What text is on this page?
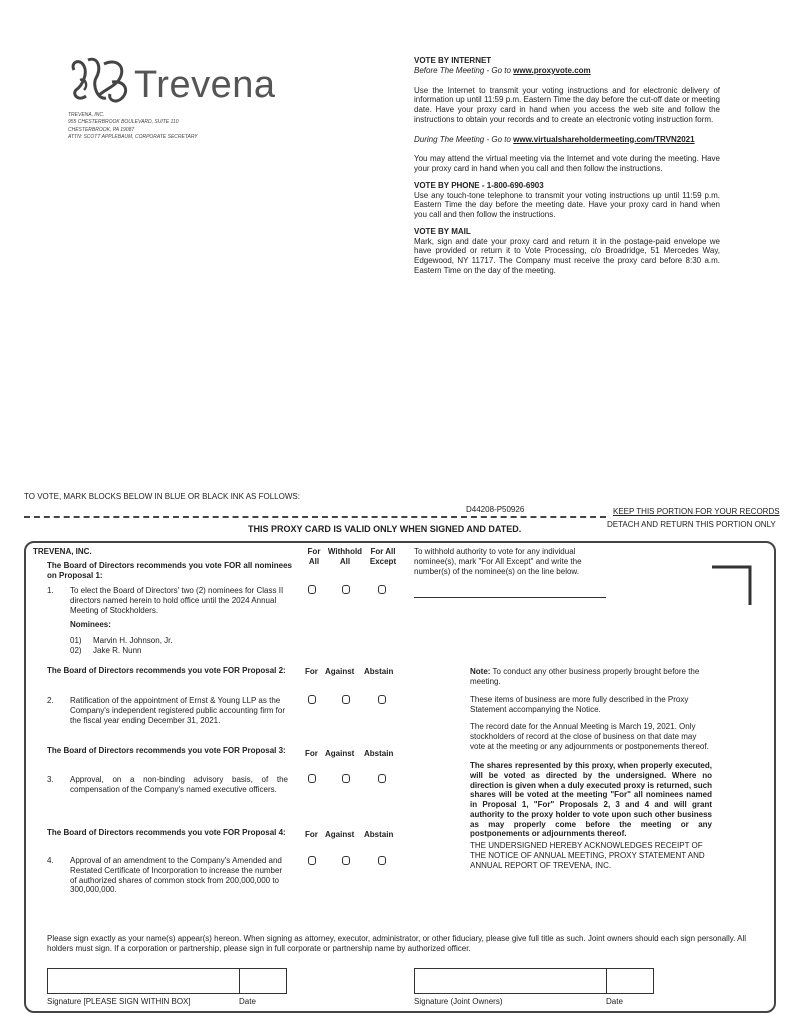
Trevena
TREVENA, INC.
955 CHESTERBROOK BOULEVARD, SUITE 110
CHESTERBROOK, PA 19087
ATTN: SCOTT APPLEBAUM, CORPORATE SECRETARY
VOTE BY INTERNET
Before The Meeting - Go to www.proxyvote.com
Use the Internet to transmit your voting instructions and for electronic delivery of information up until 11:59 p.m. Eastern Time the day before the cut-off date or meeting date. Have your proxy card in hand when you access the web site and follow the instructions to obtain your records and to create an electronic voting instruction form.
During The Meeting - Go to www.virtualshareholdermeeting.com/TRVN2021
You may attend the virtual meeting via the Internet and vote during the meeting. Have your proxy card in hand when you call and then follow the instructions.
VOTE BY PHONE - 1-800-690-6903
Use any touch-tone telephone to transmit your voting instructions up until 11:59 p.m. Eastern Time the day before the meeting date. Have your proxy card in hand when you call and then follow the instructions.
VOTE BY MAIL
Mark, sign and date your proxy card and return it in the postage-paid envelope we have provided or return it to Vote Processing, c/o Broadridge, 51 Mercedes Way, Edgewood, NY 11717. The Company must receive the proxy card before 8:30 a.m. Eastern Time on the day of the meeting.
TO VOTE, MARK BLOCKS BELOW IN BLUE OR BLACK INK AS FOLLOWS:
D44208-P50926	KEEP THIS PORTION FOR YOUR RECORDS
DETACH AND RETURN THIS PORTION ONLY
THIS PROXY CARD IS VALID ONLY WHEN SIGNED AND DATED.
TREVENA, INC.
The Board of Directors recommends you vote FOR all nominees on Proposal 1:
For All
Withhold All
For All Except
1. To elect the Board of Directors' two (2) nominees for Class II directors named herein to hold office until the 2024 Annual Meeting of Stockholders.
Nominees:
01) Marvin H. Johnson, Jr.
02) Jake R. Nunn
To withhold authority to vote for any individual nominee(s), mark "For All Except" and write the number(s) of the nominee(s) on the line below.
The Board of Directors recommends you vote FOR Proposal 2: For Against Abstain
2. Ratification of the appointment of Ernst & Young LLP as the Company's independent registered public accounting firm for the fiscal year ending December 31, 2021.
The Board of Directors recommends you vote FOR Proposal 3: For Against Abstain
3. Approval, on a non-binding advisory basis, of the compensation of the Company's named executive officers.
The Board of Directors recommends you vote FOR Proposal 4: For Against Abstain
4. Approval of an amendment to the Company's Amended and Restated Certificate of Incorporation to increase the number of authorized shares of common stock from 200,000,000 to 300,000,000.
Note: To conduct any other business properly brought before the meeting.
These items of business are more fully described in the Proxy Statement accompanying the Notice.
The record date for the Annual Meeting is March 19, 2021. Only stockholders of record at the close of business on that date may vote at the meeting or any adjournments or postponements thereof.
The shares represented by this proxy, when properly executed, will be voted as directed by the undersigned. Where no direction is given when a duly executed proxy is returned, such shares will be voted at the meeting "For" all nominees named in Proposal 1, "For" Proposals 2, 3 and 4 and will grant authority to the proxy holder to vote upon such other business as may properly come before the meeting or any postponements or adjournments thereof.
THE UNDERSIGNED HEREBY ACKNOWLEDGES RECEIPT OF THE NOTICE OF ANNUAL MEETING, PROXY STATEMENT AND ANNUAL REPORT OF TREVENA, INC.
Please sign exactly as your name(s) appear(s) hereon. When signing as attorney, executor, administrator, or other fiduciary, please give full title as such. Joint owners should each sign personally. All holders must sign. If a corporation or partnership, please sign in full corporate or partnership name by authorized officer.
Signature [PLEASE SIGN WITHIN BOX]	Date	Signature (Joint Owners)	Date
